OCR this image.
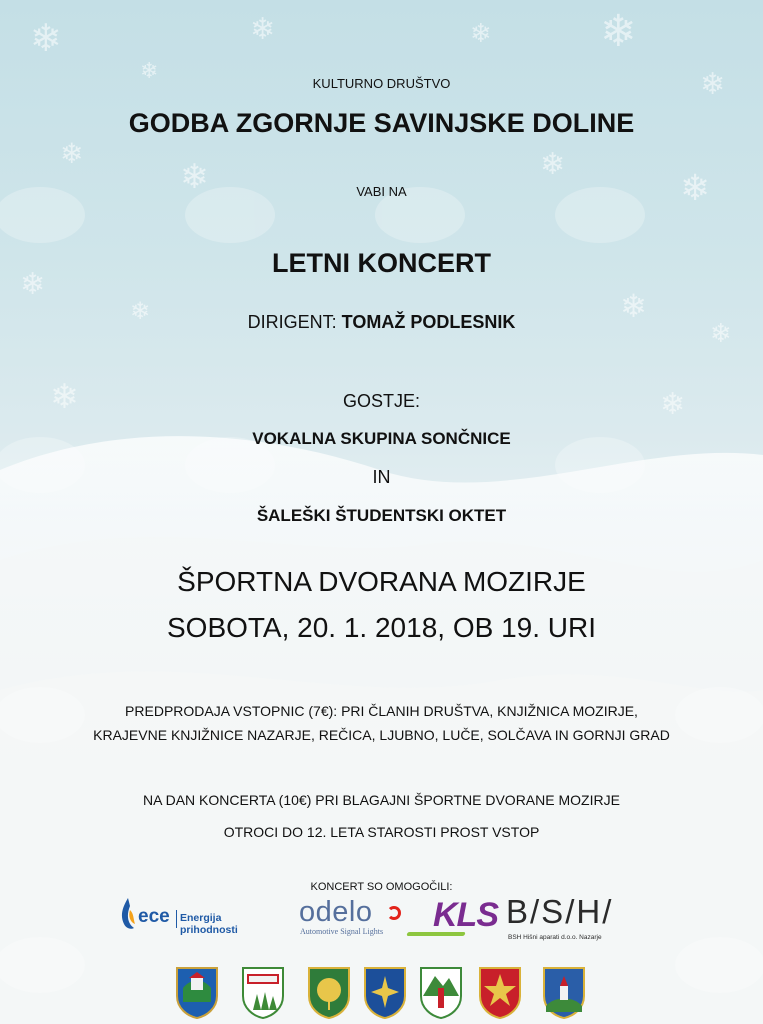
❄
❄
❄	❄ ❄
❄
❄
❄	❄
❄
❄
❄	❄
❄
❄	❄
KULTURNO DRUŠTVO
GODBA ZGORNJE SAVINJSKE DOLINE
VABI NA
LETNI KONCERT
DIRIGENT: TOMAŽ PODLESNIK
GOSTJE:
VOKALNA SKUPINA SONČNICE
IN
ŠALEŠKI ŠTUDENTSKI OKTET
ŠPORTNA DVORANA MOZIRJE
SOBOTA, 20. 1. 2018, OB 19. URI
PREDPRODAJA VSTOPNIC (7€): PRI ČLANIH DRUŠTVA, KNJIŽNICA MOZIRJE,
KRAJEVNE KNJIŽNICE NAZARJE, REČICA, LJUBNO, LUČE, SOLČAVA IN GORNJI GRAD
NA DAN KONCERTA (10€) PRI BLAGAJNI ŠPORTNE DVORANE MOZIRJE
OTROCI DO 12. LETA STAROSTI PROST VSTOP
KONCERT SO OMOGOČILI:
ece Energija prihodnosti
odelo
Automotive Signal Lights KLS B/S/H/
BSH Hišni aparati d.o.o. Nazarje
